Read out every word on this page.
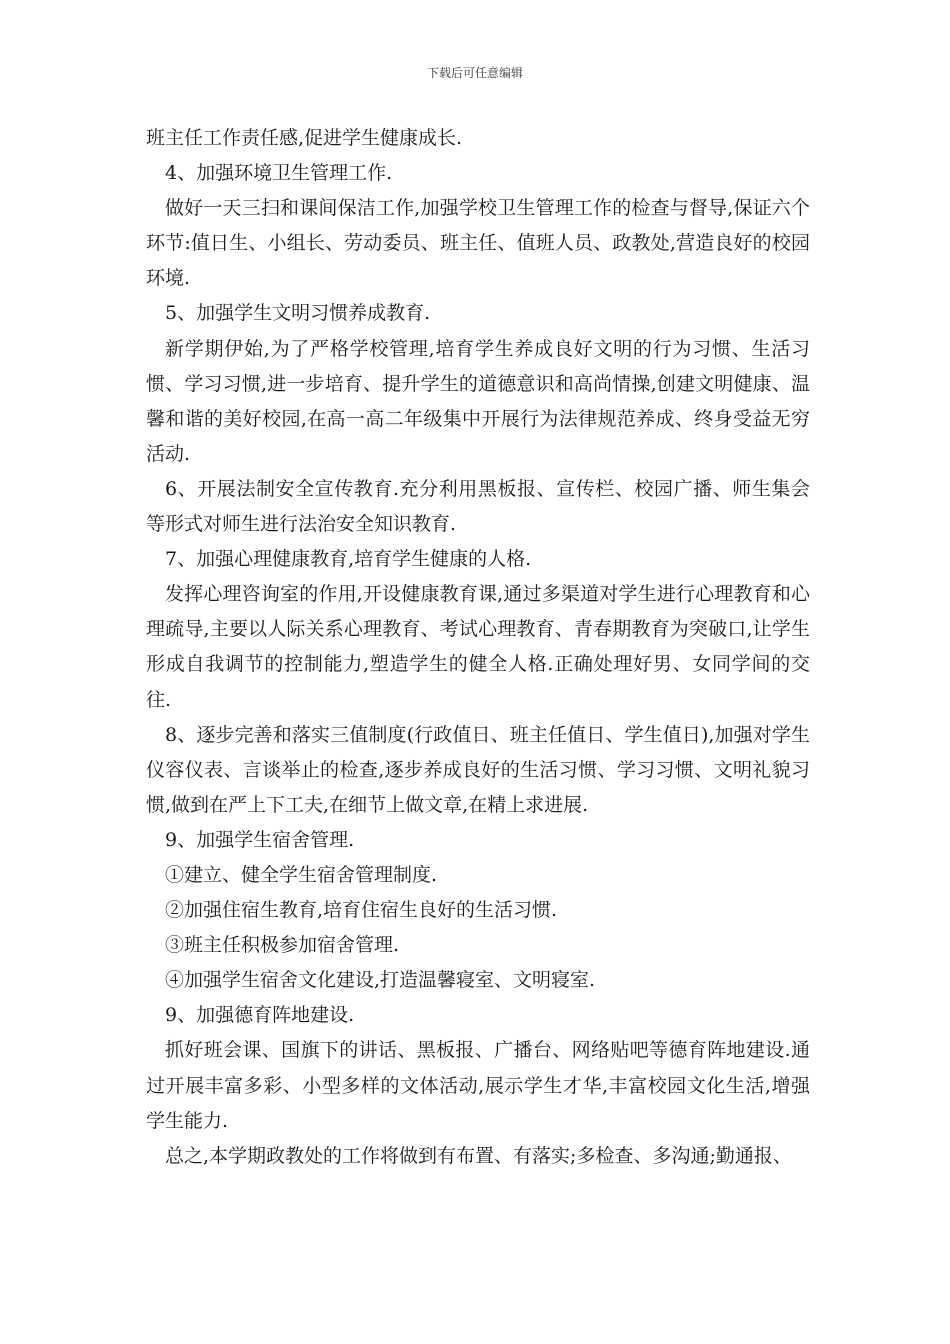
下载后可任意编辑

班主任工作责任感,促进学生健康成长.

4、加强环境卫生管理工作.

做好一天三扫和课间保洁工作,加强学校卫生管理工作的检查与督导,保证六个环节:值日生、小组长、劳动委员、班主任、值班人员、政教处,营造良好的校园环境.

5、加强学生文明习惯养成教育.

新学期伊始,为了严格学校管理,培育学生养成良好文明的行为习惯、生活习惯、学习习惯,进一步培育、提升学生的道德意识和高尚情操,创建文明健康、温馨和谐的美好校园,在高一高二年级集中开展行为法律规范养成、终身受益无穷活动.

6、开展法制安全宣传教育.充分利用黑板报、宣传栏、校园广播、师生集会等形式对师生进行法治安全知识教育.

7、加强心理健康教育,培育学生健康的人格.

发挥心理咨询室的作用,开设健康教育课,通过多渠道对学生进行心理教育和心理疏导,主要以人际关系心理教育、考试心理教育、青春期教育为突破口,让学生形成自我调节的控制能力,塑造学生的健全人格.正确处理好男、女同学间的交往.

8、逐步完善和落实三值制度(行政值日、班主任值日、学生值日),加强对学生仪容仪表、言谈举止的检查,逐步养成良好的生活习惯、学习习惯、文明礼貌习惯,做到在严上下工夫,在细节上做文章,在精上求进展.

9、加强学生宿舍管理.

①建立、健全学生宿舍管理制度.

②加强住宿生教育,培育住宿生良好的生活习惯.

③班主任积极参加宿舍管理.

④加强学生宿舍文化建设,打造温馨寝室、文明寝室.

9、加强德育阵地建设.

抓好班会课、国旗下的讲话、黑板报、广播台、网络贴吧等德育阵地建设.通过开展丰富多彩、小型多样的文体活动,展示学生才华,丰富校园文化生活,增强学生能力.

总之,本学期政教处的工作将做到有布置、有落实;多检查、多沟通;勤通报、
